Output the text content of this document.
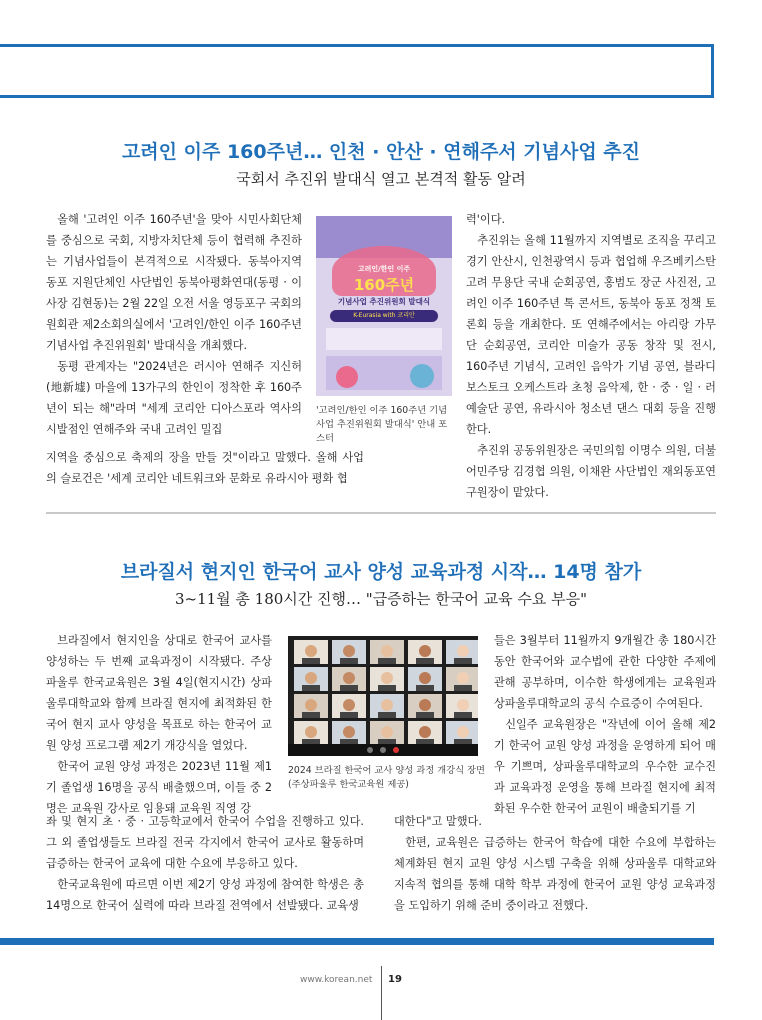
고려인 이주 160주년… 인천 · 안산 · 연해주서 기념사업 추진
국회서 추진위 발대식 열고 본격적 활동 알려

올해 '고려인 이주 160주년'을 맞아 시민사회단체를 중심으로 국회, 지방자치단체 등이 협력해 추진하는 기념사업들이 본격적으로 시작됐다. 동북아지역 동포 지원단체인 사단법인 동북아평화연대(동평 · 이사장 김현동)는 2월 22일 오전 서울 영등포구 국회의원회관 제2소회의실에서 '고려인/한인 이주 160주년 기념사업 추진위원회' 발대식을 개최했다.

동평 관계자는 "2024년은 러시아 연해주 지신허(地新墟) 마을에 13가구의 한인이 정착한 후 160주년이 되는 해"라며 "세계 코리안 디아스포라 역사의 시발점인 연해주와 국내 고려인 밀집

고려인/한인 이주
160주년
기념사업 추진위원회 발대식
K-Eurasia with 코리안
'고려인/한인 이주 160주년 기념사업 추진위원회 발대식' 안내 포스터
지역을 중심으로 축제의 장을 만들 것"이라고 말했다. 올해 사업의 슬로건은 '세계 코리안 네트워크와 문화로 유라시아 평화 협

력'이다.

추진위는 올해 11월까지 지역별로 조직을 꾸리고 경기 안산시, 인천광역시 등과 협업해 우즈베키스탄 고려 무용단 국내 순회공연, 홍범도 장군 사진전, 고려인 이주 160주년 톡 콘서트, 동북아 동포 정책 토론회 등을 개최한다. 또 연해주에서는 아리랑 가무단 순회공연, 코리안 미술가 공동 창작 및 전시, 160주년 기념식, 고려인 음악가 기념 공연, 블라디보스토크 오케스트라 초청 음악제, 한 · 중 · 일 · 러 예술단 공연, 유라시아 청소년 댄스 대회 등을 진행한다.

추진위 공동위원장은 국민의힘 이명수 의원, 더불어민주당 김경협 의원, 이채완 사단법인 재외동포연구원장이 맡았다.

브라질서 현지인 한국어 교사 양성 교육과정 시작… 14명 참가
3~11월 총 180시간 진행… "급증하는 한국어 교육 수요 부응"

브라질에서 현지인을 상대로 한국어 교사를 양성하는 두 번째 교육과정이 시작됐다. 주상파울루 한국교육원은 3월 4일(현지시간) 상파울루대학교와 함께 브라질 현지에 최적화된 한국어 현지 교사 양성을 목표로 하는 한국어 교원 양성 프로그램 제2기 개강식을 열었다.

한국어 교원 양성 과정은 2023년 11월 제1기 졸업생 16명을 공식 배출했으며, 이들 중 2명은 교육원 강사로 임용돼 교육원 직영 강

2024 브라질 한국어 교사 양성 과정 개강식 장면 (주상파울루 한국교육원 제공)

좌 및 현지 초 · 중 · 고등학교에서 한국어 수업을 진행하고 있다. 그 외 졸업생들도 브라질 전국 각지에서 한국어 교사로 활동하며 급증하는 한국어 교육에 대한 수요에 부응하고 있다.

한국교육원에 따르면 이번 제2기 양성 과정에 참여한 학생은 총 14명으로 한국어 실력에 따라 브라질 전역에서 선발됐다. 교육생

들은 3월부터 11월까지 9개월간 총 180시간 동안 한국어와 교수법에 관한 다양한 주제에 관해 공부하며, 이수한 학생에게는 교육원과 상파울루대학교의 공식 수료증이 수여된다.

신일주 교육원장은 "작년에 이어 올해 제2기 한국어 교원 양성 과정을 운영하게 되어 매우 기쁘며, 상파울루대학교의 우수한 교수진과 교육과정 운영을 통해 브라질 현지에 최적화된 우수한 한국어 교원이 배출되기를 기

대한다"고 말했다.

한편, 교육원은 급증하는 한국어 학습에 대한 수요에 부합하는 체계화된 현지 교원 양성 시스템 구축을 위해 상파울루 대학교와 지속적 협의를 통해 대학 학부 과정에 한국어 교원 양성 교육과정을 도입하기 위해 준비 중이라고 전했다.

www.korean.net 19
